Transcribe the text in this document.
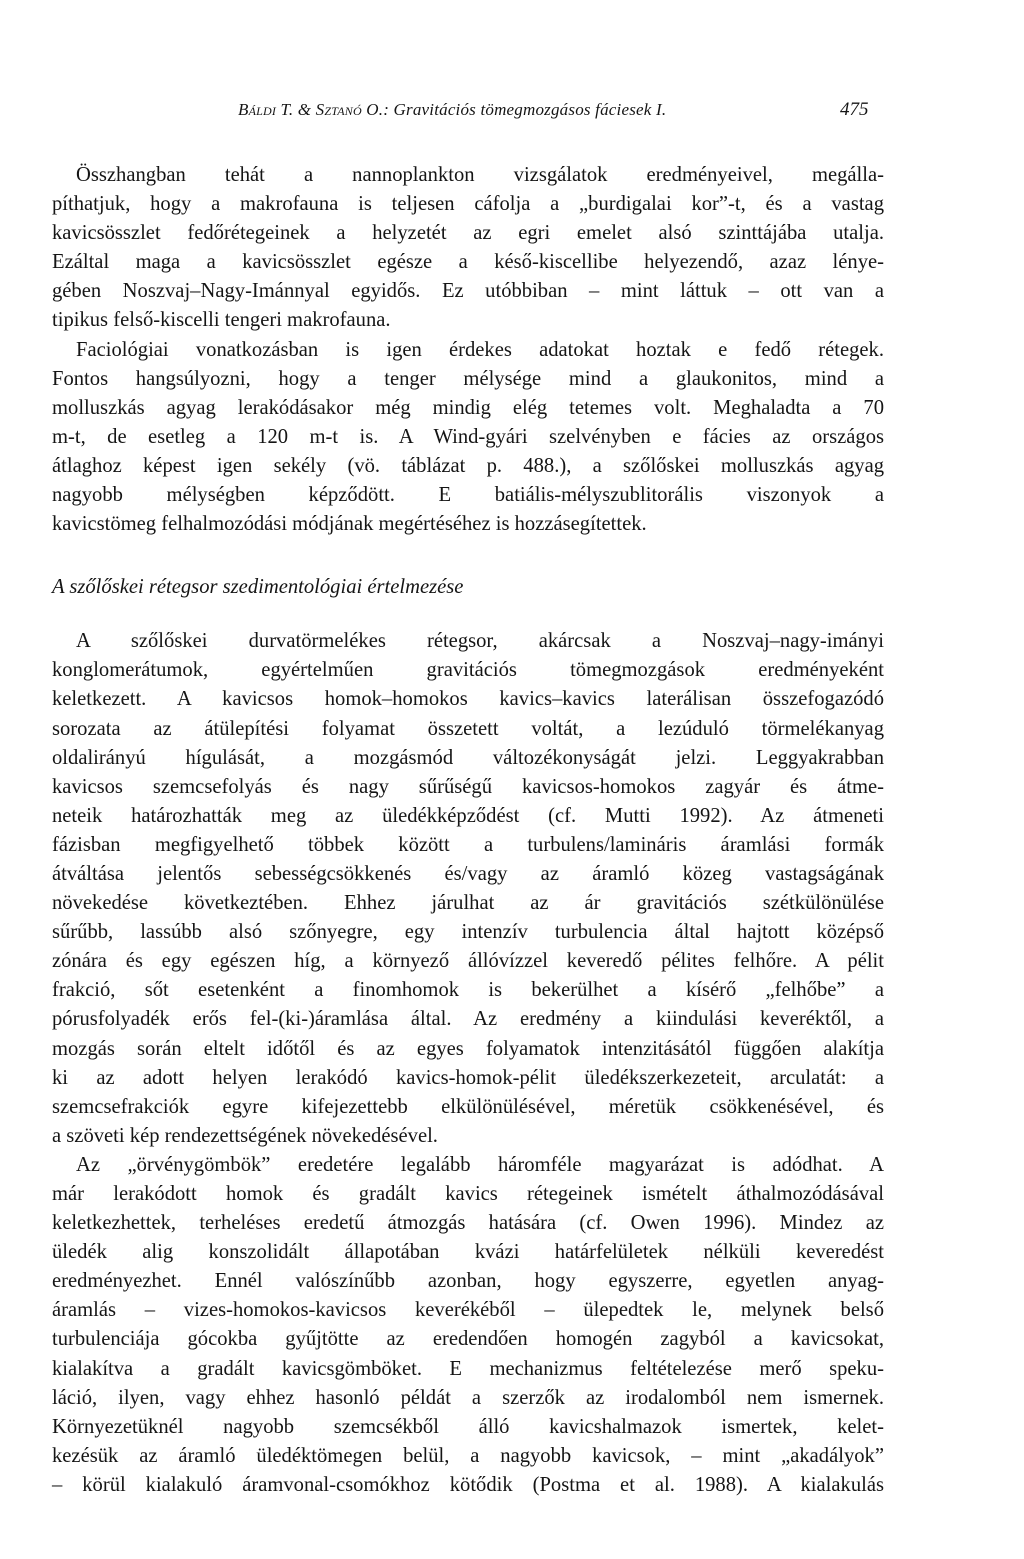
Báldi T. & Sztanó O.: Gravitációs tömegmozgásos fáciesek I.	475
Összhangban tehát a nannoplankton vizsgálatok eredményeivel, megálla-
píthatjuk, hogy a makrofauna is teljesen cáfolja a „burdigalai kor”-t, és a vastag
kavicsösszlet fedőrétegeinek a helyzetét az egri emelet alsó szinttájába utalja.
Ezáltal maga a kavicsösszlet egésze a késő-kiscellibe helyezendő, azaz lénye-
gében Noszvaj–Nagy-Imánnyal egyidős. Ez utóbbiban – mint láttuk – ott van a
tipikus felső-kiscelli tengeri makrofauna.
Faciológiai vonatkozásban is igen érdekes adatokat hoztak e fedő rétegek.
Fontos hangsúlyozni, hogy a tenger mélysége mind a glaukonitos, mind a
molluszkás agyag lerakódásakor még mindig elég tetemes volt. Meghaladta a 70
m-t, de esetleg a 120 m-t is. A Wind-gyári szelvényben e fácies az országos
átlaghoz képest igen sekély (vö. táblázat p. 488.), a szőlőskei molluszkás agyag
nagyobb mélységben képződött. E batiális-mélyszublitorális viszonyok a
kavicstömeg felhalmozódási módjának megértéséhez is hozzásegítettek.
A szőlőskei rétegsor szedimentológiai értelmezése
A szőlőskei durvatörmelékes rétegsor, akárcsak a Noszvaj–nagy-imányi
konglomerátumok, egyértelműen gravitációs tömegmozgások eredményeként
keletkezett. A kavicsos homok–homokos kavics–kavics laterálisan összefogazódó
sorozata az átülepítési folyamat összetett voltát, a lezúduló törmelékanyag
oldalirányú hígulását, a mozgásmód változékonyságát jelzi. Leggyakrabban
kavicsos szemcsefolyás és nagy sűrűségű kavicsos-homokos zagyár és átme-
neteik határozhatták meg az üledékképződést (cf. Mutti 1992). Az átmeneti
fázisban megfigyelhető többek között a turbulens/lamináris áramlási formák
átváltása jelentős sebességcsökkenés és/vagy az áramló közeg vastagságának
növekedése következtében. Ehhez járulhat az ár gravitációs szétkülönülése
sűrűbb, lassúbb alsó szőnyegre, egy intenzív turbulencia által hajtott középső
zónára és egy egészen híg, a környező állóvízzel keveredő pélites felhőre. A pélit
frakció, sőt esetenként a finomhomok is bekerülhet a kísérő „felhőbe” a
pórusfolyadék erős fel-(ki-)áramlása által. Az eredmény a kiindulási keveréktől, a
mozgás során eltelt időtől és az egyes folyamatok intenzitásától függően alakítja
ki az adott helyen lerakódó kavics-homok-pélit üledékszerkezeteit, arculatát: a
szemcsefrakciók egyre kifejezettebb elkülönülésével, méretük csökkenésével, és
a szöveti kép rendezettségének növekedésével.
Az „örvénygömbök” eredetére legalább háromféle magyarázat is adódhat. A
már lerakódott homok és gradált kavics rétegeinek ismételt áthalmozódásával
keletkezhettek, terheléses eredetű átmozgás hatására (cf. Owen 1996). Mindez az
üledék alig konszolidált állapotában kvázi határfelületek nélküli keveredést
eredményezhet. Ennél valószínűbb azonban, hogy egyszerre, egyetlen anyag-
áramlás – vizes-homokos-kavicsos keverékéből – ülepedtek le, melynek belső
turbulenciája gócokba gyűjtötte az eredendően homogén zagyból a kavicsokat,
kialakítva a gradált kavicsgömböket. E mechanizmus feltételezése merő speku-
láció, ilyen, vagy ehhez hasonló példát a szerzők az irodalomból nem ismernek.
Környezetüknél nagyobb szemcsékből álló kavicshalmazok ismertek, kelet-
kezésük az áramló üledéktömegen belül, a nagyobb kavicsok, – mint „akadályok”
– körül kialakuló áramvonal-csomókhoz kötődik (Postma et al. 1988). A kialakulás
